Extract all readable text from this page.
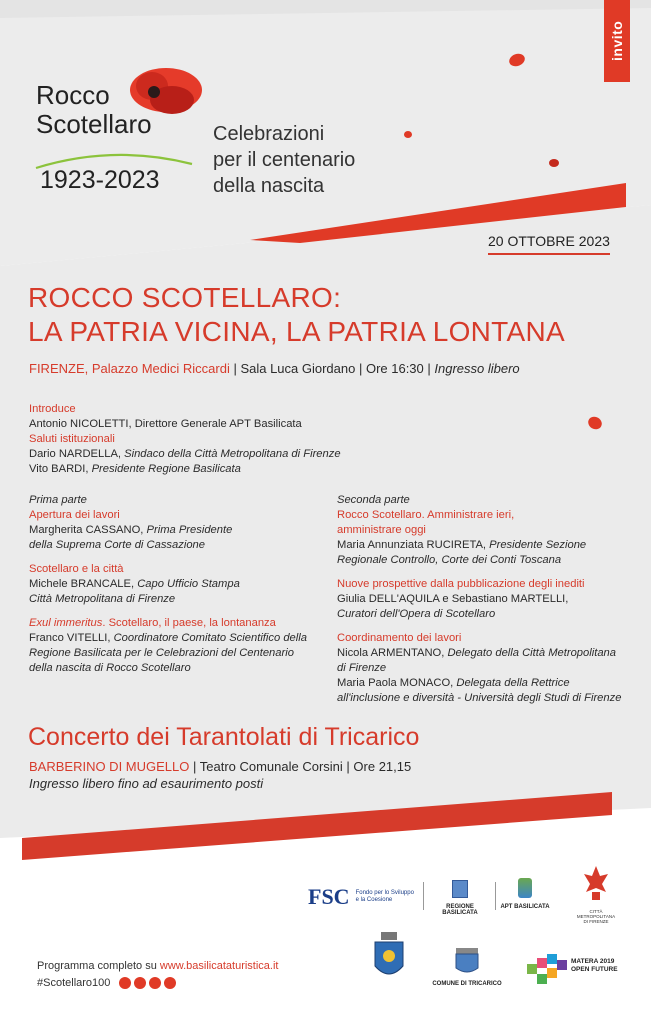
invito
Rocco
Scotellaro
1923-2023
Celebrazioni
per il centenario
della nascita
20 OTTOBRE 2023
ROCCO SCOTELLARO:
LA PATRIA VICINA, LA PATRIA LONTANA
FIRENZE, Palazzo Medici Riccardi | Sala Luca Giordano | Ore 16:30 | Ingresso libero
Introduce
Antonio NICOLETTI, Direttore Generale APT Basilicata
Saluti istituzionali
Dario NARDELLA, Sindaco della Città Metropolitana di Firenze
Vito BARDI, Presidente Regione Basilicata
Prima parte
Apertura dei lavori
Margherita CASSANO, Prima Presidente
della Suprema Corte di Cassazione
Scotellaro e la città
Michele BRANCALE, Capo Ufficio Stampa
Città Metropolitana di Firenze
Exul immeritus. Scotellaro, il paese, la lontananza
Franco VITELLI, Coordinatore Comitato Scientifico della
Regione Basilicata per le Celebrazioni del Centenario
della nascita di Rocco Scotellaro
Seconda parte
Rocco Scotellaro. Amministrare ieri,
amministrare oggi
Maria Annunziata RUCIRETA, Presidente Sezione
Regionale Controllo, Corte dei Conti Toscana
Nuove prospettive dalla pubblicazione degli inediti
Giulia DELL'AQUILA e Sebastiano MARTELLI,
Curatori dell'Opera di Scotellaro
Coordinamento dei lavori
Nicola ARMENTANO, Delegato della Città Metropolitana
di Firenze
Maria Paola MONACO, Delegata della Rettrice
all'inclusione e diversità - Università degli Studi di Firenze
Concerto dei Tarantolati di Tricarico
BARBERINO DI MUGELLO | Teatro Comunale Corsini | Ore 21,15
Ingresso libero fino ad esaurimento posti
FSC Fondo per lo Sviluppo
e la Coesione
REGIONE BASILICATA
APT BASILICATA
CITTÀ METROPOLITANA
DI FIRENZE
COMUNE DI TRICARICO
MATERA 2019
OPEN FUTURE
Programma completo su www.basilicataturistica.it
#Scotellaro100
